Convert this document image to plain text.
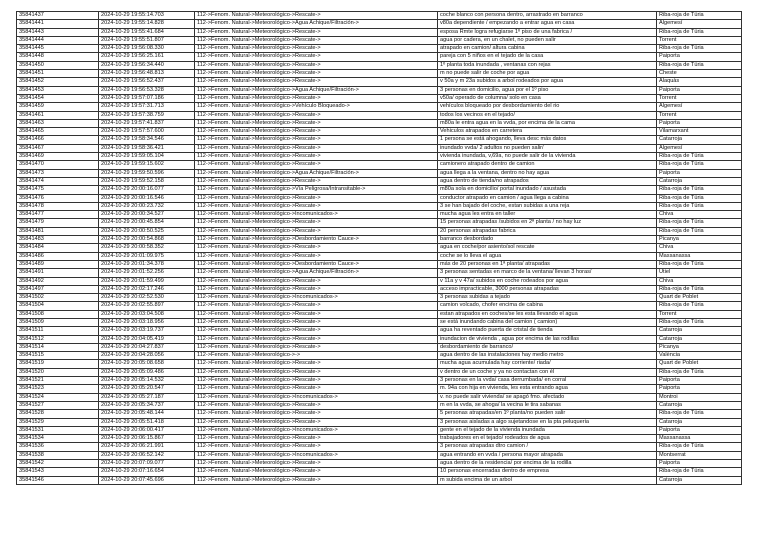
35841437	2024-10-29 19:55:14.703	112->Fenom. Natural->Meteorológico->Rescate->	coche blanco con persona dentro, arrastrado en barranco	Riba-roja de Túria
35841441	2024-10-29 19:55:14.828	112->Fenom. Natural->Meteorológico->Agua Achique/Filtración->	v80a dependiente / empezando a entrar agua en casa	Algemesí
35841443	2024-10-29 19:55:41.684	112->Fenom. Natural->Meteorológico->Rescate->	esposa Rmte logra refugiarse 1º piso de una fabrica /	Riba-roja de Túria
35841444	2024-10-29 19:55:51.807	112->Fenom. Natural->Meteorológico->Rescate->	agua por cadera, en un chalet, no pueden salir	Torrent
35841445	2024-10-29 19:56:08.330	112->Fenom. Natural->Meteorológico->Rescate->	atrapado en camion/ altura cabina	Riba-roja de Túria
35841448	2024-10-29 19:56:25.161	112->Fenom. Natural->Meteorológico->Rescate->	pareja con 5 niños en el tejado de la casa	Paiporta
35841450	2024-10-29 19:56:34.440	112->Fenom. Natural->Meteorológico->Rescate->	1º planta toda inundada , ventanas con rejas	Riba-roja de Túria
35841451	2024-10-29 19:56:48.813	112->Fenom. Natural->Meteorológico->Rescate->	m no puede salir de coche por agua	Cheste
35841452	2024-10-29 19:56:52.437	112->Fenom. Natural->Meteorológico->Rescate->	v 50a y m 23a subidos a arbol rodeados por agua	Alaquàs
35841453	2024-10-29 19:56:53.328	112->Fenom. Natural->Meteorológico->Agua Achique/Filtración->	3 personas en domicilio, agua por el 1º piso	Paiporta
35841454	2024-10-29 19:57:07.186	112->Fenom. Natural->Meteorológico->Rescate->	v50a/ operado de columna/ solo en casa	Torrent
35841459	2024-10-29 19:57:31.713	112->Fenom. Natural->Meteorológico->Vehículo Bloqueado->	vehículos bloqueado por desbordamiento del rio	Algemesí
35841461	2024-10-29 19:57:38.759	112->Fenom. Natural->Meteorológico->Rescate->	todos los vecinos en el tejado/	Torrent
35841463	2024-10-29 19:57:41.837	112->Fenom. Natural->Meteorológico->Rescate->	m80a le entra agua en la vvda, por encima de la cama	Paiporta
35841465	2024-10-29 19:57:57.600	112->Fenom. Natural->Meteorológico->Rescate->	Vehiculos atrapados en carretera	Vilamarxant
35841466	2024-10-29 19:58:34.546	112->Fenom. Natural->Meteorológico->Rescate->	1 persona se está ahogando, lleva desc más datos	Catarroja
35841467	2024-10-29 19:58:36.421	112->Fenom. Natural->Meteorológico->Rescate->	inundado vvda/ 2 adultos no pueden salir/	Algemesí
35841469	2024-10-29 19:59:05.104	112->Fenom. Natural->Meteorológico->Rescate->	vivienda inundada, v,69a, no puede salir de la vivienda	Riba-roja de Túria
35841470	2024-10-29 19:59:15.602	112->Fenom. Natural->Meteorológico->Rescate->	camionero atrapado dentro de camion	Riba-roja de Túria
35841473	2024-10-29 19:59:50.596	112->Fenom. Natural->Meteorológico->Agua Achique/Filtración->	agua llega a la ventana, dentro no hay agua	Paiporta
35841474	2024-10-29 19:59:52.158	112->Fenom. Natural->Meteorológico->Rescate->	agua dentro de tienda/no atrapados	Catarroja
35841475	2024-10-29 20:00:16.077	112->Fenom. Natural->Meteorológico->Vía Peligrosa/Intransitable->	m80a sola en domicilio/ portal inundado / asustada	Riba-roja de Túria
35841476	2024-10-29 20:00:16.546	112->Fenom. Natural->Meteorológico->Rescate->	conductor atrapado en camion / agua llega a cabina	Riba-roja de Túria
35841478	2024-10-29 20:00:23.732	112->Fenom. Natural->Meteorológico->Rescate->	3 se han bajado del coche, estan subidas a una reja	Riba-roja de Túria
35841477	2024-10-29 20:00:34.527	112->Fenom. Natural->Meteorológico->Incomunicados->	mucha agua les entra en taller	Chiva
35841479	2024-10-29 20:00:45.854	112->Fenom. Natural->Meteorológico->Rescate->	15 personas atrapadas /subidos en 2ª planta / no hay luz	Riba-roja de Túria
35841481	2024-10-29 20:00:50.525	112->Fenom. Natural->Meteorológico->Rescate->	20 personas atrapadas fabrica	Riba-roja de Túria
35841483	2024-10-29 20:00:54.868	112->Fenom. Natural->Meteorológico->Desbordamiento Cauce->	barranco desbordado	Picanya
35841484	2024-10-29 20:00:58.352	112->Fenom. Natural->Meteorológico->Rescate->	agua en coche/por asiento/sol rescate	Chiva
35841486	2024-10-29 20:01:09.975	112->Fenom. Natural->Meteorológico->Rescate->	coche se lo lleva el agua	Massanassa
35841489	2024-10-29 20:01:34.378	112->Fenom. Natural->Meteorológico->Desbordamiento Cauce->	más de 20 personas en 1ª planta/ atrapadas	Riba-roja de Túria
35841491	2024-10-29 20:01:52.256	112->Fenom. Natural->Meteorológico->Agua Achique/Filtración->	3 personas sentadas en marco de la ventana/ llevan 3 horas/	Utiel
35841492	2024-10-29 20:01:59.499	112->Fenom. Natural->Meteorológico->Rescate->	v 11a y v 47a/ subidos en coche rodeados por agua	Chiva
35841497	2024-10-29 20:02:17.246	112->Fenom. Natural->Meteorológico->Rescate->	acceso impracticable, 3000 personas atrapadas	Riba-roja de Túria
35841502	2024-10-29 20:02:52.530	112->Fenom. Natural->Meteorológico->Incomunicados->	3 personas subidas a tejado	Quart de Poblet
35841504	2024-10-29 20:02:55.897	112->Fenom. Natural->Meteorológico->Rescate->	camion volcado, chofer encima de cabina	Riba-roja de Túria
35841508	2024-10-29 20:03:04.508	112->Fenom. Natural->Meteorológico->Rescate->	estan atrapados en coches/se les esta llevando el agua	Torrent
35841509	2024-10-29 20:03:18.956	112->Fenom. Natural->Meteorológico->Rescate->	se está inundando cabina del camion ( camion)	Riba-roja de Túria
35841511	2024-10-29 20:03:19.737	112->Fenom. Natural->Meteorológico->Rescate->	agua ha reventado puerta de cristal de tienda	Catarroja
35841512	2024-10-29 20:04:05.419	112->Fenom. Natural->Meteorológico->Rescate->	inundacion de vivienda , agua por encima de las rodillas	Catarroja
35841514	2024-10-29 20:04:27.837	112->Fenom. Natural->Meteorológico->Rescate->	desbordamiento de barranco/	Picanya
35841515	2024-10-29 20:04:28.056	112->Fenom. Natural->Meteorológico->->	agua dentro de las instalaciones hay medio metro	València
35841519	2024-10-29 20:05:08.658	112->Fenom. Natural->Meteorológico->Rescate->	mucha agua acumulada hay corriente/ riada/	Quart de Poblet
35841520	2024-10-29 20:05:09.486	112->Fenom. Natural->Meteorológico->Rescate->	v dentro de un coche y ya no contactan con él	Riba-roja de Túria
35841521	2024-10-29 20:05:14.532	112->Fenom. Natural->Meteorológico->Rescate->	3 personas en la vvda/ casa derrumbada/ en corral	Paiporta
35841523	2024-10-29 20:05:20.547	112->Fenom. Natural->Meteorológico->Rescate->	m. 94a con hija en vivienda, les esta entrando agua	Paiporta
35841524	2024-10-29 20:05:27.187	112->Fenom. Natural->Meteorológico->Incomunicados->	v. no puede salir vivienda/ se apagó fmo. afectado	Montroi
35841527	2024-10-29 20:05:34.737	112->Fenom. Natural->Meteorológico->Rescate->	m en la vvda, se ahoga/ la vecina le tira sabanas	Catarroja
35841528	2024-10-29 20:05:48.144	112->Fenom. Natural->Meteorológico->Rescate->	5 personas atrapadas/en 1º planta/no pueden salir	Riba-roja de Túria
35841529	2024-10-29 20:05:51.418	112->Fenom. Natural->Meteorológico->Rescate->	3 personas aisladas a algo sujetandose en la pta peluqueria	Catarroja
35841531	2024-10-29 20:06:00.417	112->Fenom. Natural->Meteorológico->Incomunicados->	gente en el tejado de la vivienda inundada	Paiporta
35841534	2024-10-29 20:06:15.867	112->Fenom. Natural->Meteorológico->Rescate->	trabajadores en el tejado/ rodeados de agua	Massanassa
35841536	2024-10-29 20:06:21.991	112->Fenom. Natural->Meteorológico->Rescate->	3 personas atrapadas dtro camion /	Riba-roja de Túria
35841538	2024-10-29 20:06:52.142	112->Fenom. Natural->Meteorológico->Incomunicados->	agua entrando en vvda / persona mayor atrapada	Montserrat
35841542	2024-10-29 20:07:09.077	112->Fenom. Natural->Meteorológico->Rescate->	agua dentro de la residencia/ por encima de la rodilla	Paiporta
35841543	2024-10-29 20:07:16.654	112->Fenom. Natural->Meteorológico->Rescate->	10 personas encerradas dentro de empresa	Riba-roja de Túria
35841546	2024-10-29 20:07:45.696	112->Fenom. Natural->Meteorológico->Rescate->	m subida encima de un arbol	Catarroja
